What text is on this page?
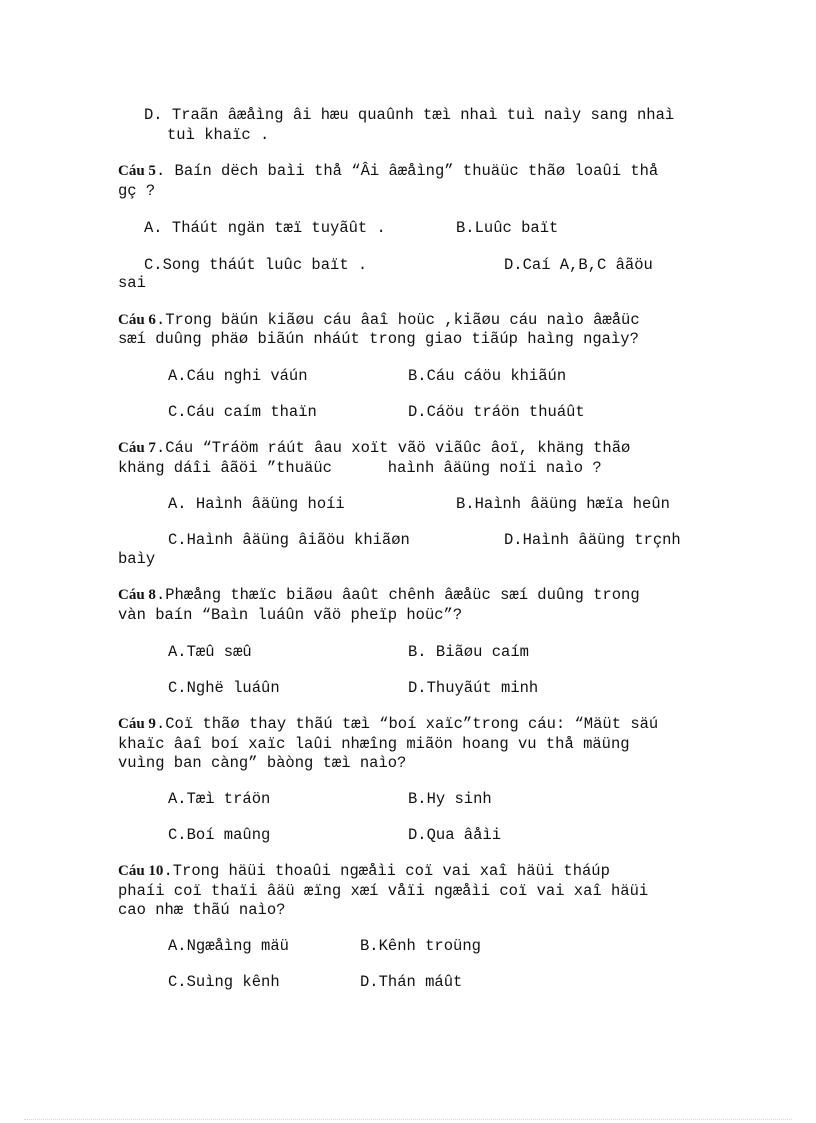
D. Traãn âæåìng âi hæu quaûnh tæì nhaì tuì naìy sang nhaì
tuì khaïc .
Cáu 5. Baín dëch baìi thå “Âi âæåìng” thuäüc thãø loaûi thå
gç ?
A. Tháút ngän tæï tuyãût .	B.Luûc baït
C.Song tháút luûc baït .	D.Caí A,B,C âãöu
sai
Cáu 6.Trong bäún kiãøu cáu âaî hoüc ,kiãøu cáu naìo âæåüc
sæí duûng phäø biãún nháút trong giao tiãúp haìng ngaìy?
A.Cáu nghi váún	B.Cáu cáöu khiãún
C.Cáu caím thaïn	D.Cáöu tráön thuáût
Cáu 7.Cáu “Tráöm ráút âau xoït vãö viãûc âoï, khäng thãø
khäng dáîi âãöi ”thuäüc      haình âäüng noïi naìo ?
A. Haình âäüng hoíi	B.Haình âäüng hæïa heûn
C.Haình âäüng âiãöu khiãøn	D.Haình âäüng trçnh
baìy
Cáu 8.Phæång thæïc biãøu âaût chênh âæåüc sæí duûng trong
vàn baín “Baìn luáûn vãö pheïp hoüc”?
A.Tæû sæû	B. Biãøu caím
C.Nghë luáûn	D.Thuyãút minh
Cáu 9.Coï thãø thay thãú tæì “boí xaïc”trong cáu: “Mäüt säú
khaïc âaî boí xaïc laûi nhæîng miãön hoang vu thå mäüng
vuìng ban càng” bàòng tæì naìo?
A.Tæì tráön	B.Hy sinh
C.Boí maûng	D.Qua âåìi
Cáu 10.Trong häüi thoaûi ngæåìi coï vai xaî häüi tháúp
phaíi coï thaïi âäü æïng xæí våïi ngæåìi coï vai xaî häüi
cao nhæ thãú naìo?
A.Ngæåìng mäü	B.Kênh troüng
C.Suìng kênh	D.Thán máût
